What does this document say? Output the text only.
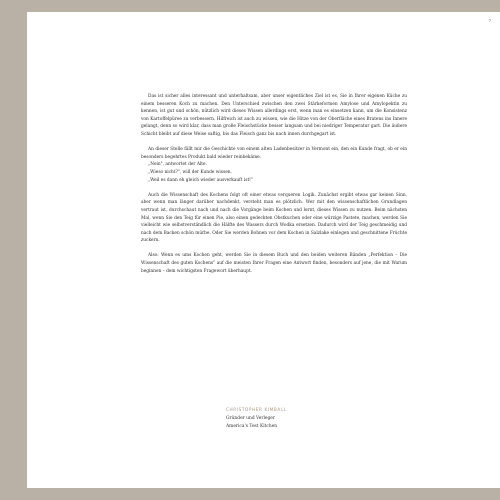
7

Das ist sicher alles interessant und unterhaltsam, aber unser eigentliches Ziel ist es, Sie in Ihrer eigenen Küche zu einem besseren Koch zu machen. Den Unterschied zwischen den zwei Stärkeformen Amylose und Amylopektin zu kennen, ist gut und schön, nützlich wird dieses Wissen allerdings erst, wenn man es einsetzen kann, um die Konsistenz von Kartoffelpüree zu verbessern. Hilfreich ist auch zu wissen, wie die Hitze von der Oberfläche eines Bratens ins Innere gelangt, denn so wird klar, dass man große Fleischstücke besser langsam und bei niedriger Temperatur gart. Die äußere Schicht bleibt auf diese Weise saftig, bis das Fleisch ganz bis nach innen durchgegart ist.

An dieser Stelle fällt mir die Geschichte von einem alten Ladenbesitzer in Vermont ein, den ein Kunde fragt, ob er ein besonders begehrtes Produkt bald wieder reinbekäme.

„Nein", antwortet der Alte.

„Wieso nicht?", will der Kunde wissen.

„Weil es dann eh gleich wieder ausverkauft ist!"

Auch die Wissenschaft des Kochens folgt oft einer etwas verqueren Logik. Zunächst ergibt etwas gar keinen Sinn, aber wenn man länger darüber nachdenkt, versteht man es plötzlich. Wer mit den wissenschaftlichen Grundlagen vertraut ist, durchschaut nach und nach die Vorgänge beim Kochen und lernt, dieses Wissen zu nutzen. Beim nächsten Mal, wenn Sie den Teig für einen Pie, also einen gedeckten Obstkuchen oder eine würzige Pastete, machen, werden Sie vielleicht wie selbstverständlich die Hälfte des Wassers durch Wodka ersetzen. Dadurch wird der Teig geschmeidig und nach dem Backen schön mürbe. Oder Sie werden Bohnen vor dem Kochen in Salzlake einlegen und geschnittene Früchte zuckern.

Also: Wenn es ums Kochen geht, werden Sie in diesem Buch und den beiden weiteren Bänden „Perfektion – Die Wissenschaft des guten Kochens" auf die meisten Ihrer Fragen eine Antwort finden, besonders auf jene, die mit Warum beginnen – dem wichtigsten Fragewort überhaupt.

CHRISTOPHER KIMBALL
Gründer und Verleger
America's Test Kitchen
